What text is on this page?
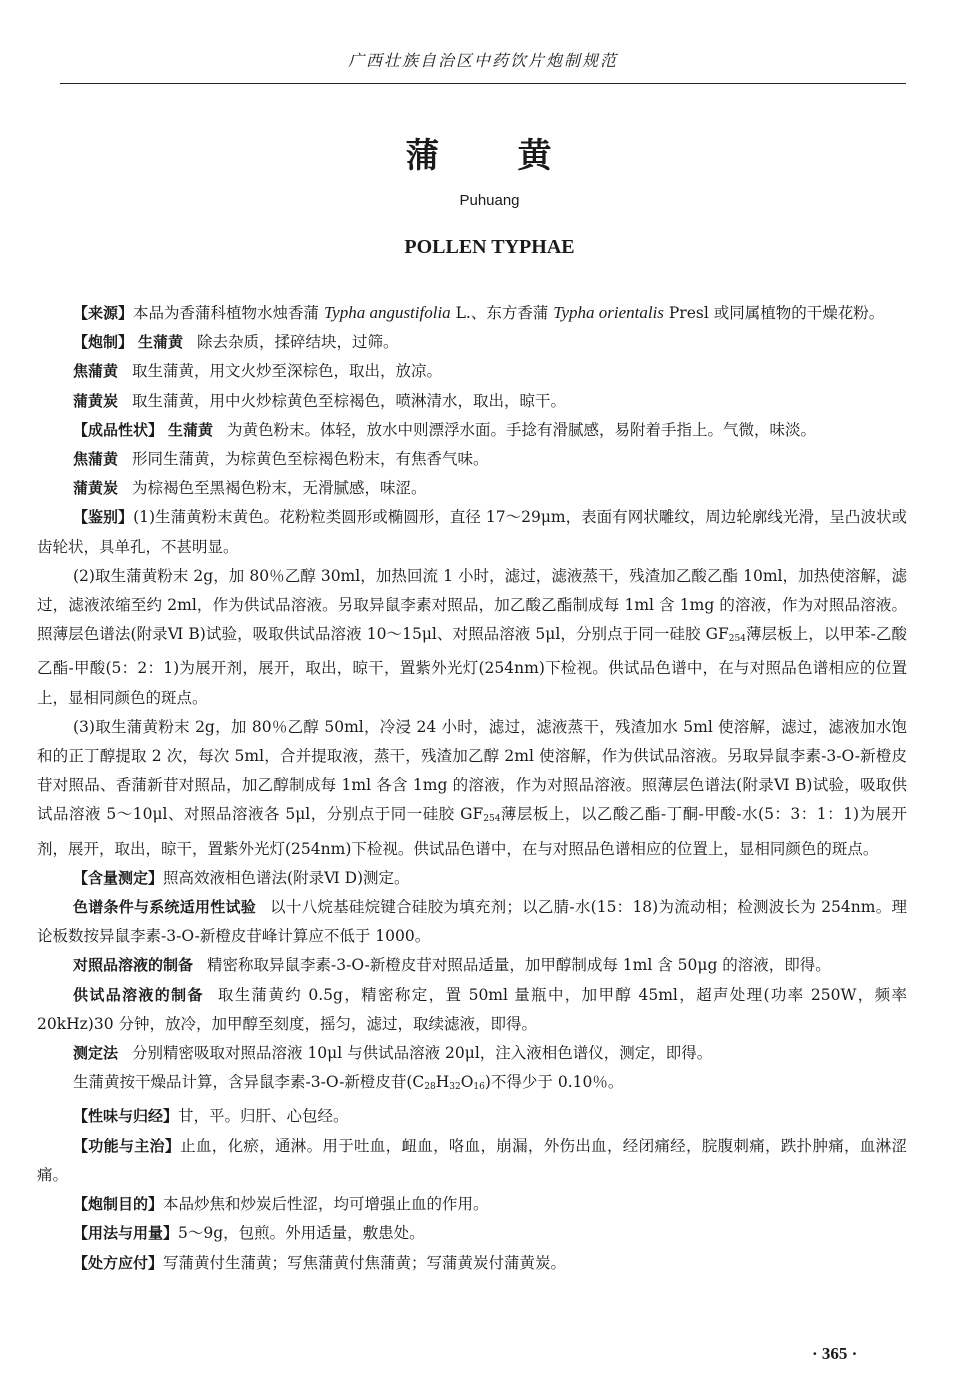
广西壮族自治区中药饮片炮制规范
蒲　黄
Puhuang
POLLEN TYPHAE

【来源】本品为香蒲科植物水烛香蒲 Typha angustifolia L.、东方香蒲 Typha orientalis Presl 或同属植物的干燥花粉。

【炮制】 生蒲黄 除去杂质，揉碎结块，过筛。

焦蒲黄 取生蒲黄，用文火炒至深棕色，取出，放凉。

蒲黄炭 取生蒲黄，用中火炒棕黄色至棕褐色，喷淋清水，取出，晾干。

【成品性状】 生蒲黄 为黄色粉末。体轻，放水中则漂浮水面。手捻有滑腻感，易附着手指上。气微，味淡。

焦蒲黄 形同生蒲黄，为棕黄色至棕褐色粉末，有焦香气味。

蒲黄炭 为棕褐色至黑褐色粉末，无滑腻感，味涩。

【鉴别】(1)生蒲黄粉末黄色。花粉粒类圆形或椭圆形，直径 17～29μm，表面有网状雕纹，周边轮廓线光滑，呈凸波状或齿轮状，具单孔，不甚明显。

(2)取生蒲黄粉末 2g，加 80％乙醇 30ml，加热回流 1 小时，滤过，滤液蒸干，残渣加乙酸乙酯 10ml，加热使溶解，滤过，滤液浓缩至约 2ml，作为供试品溶液。另取异鼠李素对照品，加乙酸乙酯制成每 1ml 含 1mg 的溶液，作为对照品溶液。照薄层色谱法(附录Ⅵ B)试验，吸取供试品溶液 10～15μl、对照品溶液 5μl，分别点于同一硅胶 $GF_{254}$薄层板上，以甲苯-乙酸乙酯-甲酸(5：2：1)为展开剂，展开，取出，晾干，置紫外光灯(254nm)下检视。供试品色谱中，在与对照品色谱相应的位置上，显相同颜色的斑点。

(3)取生蒲黄粉末 2g，加 80％乙醇 50ml，冷浸 24 小时，滤过，滤液蒸干，残渣加水 5ml 使溶解，滤过，滤液加水饱和的正丁醇提取 2 次，每次 5ml，合并提取液，蒸干，残渣加乙醇 2ml 使溶解，作为供试品溶液。另取异鼠李素-3-O-新橙皮苷对照品、香蒲新苷对照品，加乙醇制成每 1ml 各含 1mg 的溶液，作为对照品溶液。照薄层色谱法(附录Ⅵ B)试验，吸取供试品溶液 5～10μl、对照品溶液各 5μl，分别点于同一硅胶 $GF_{254}$薄层板上，以乙酸乙酯-丁酮-甲酸-水(5：3：1：1)为展开剂，展开，取出，晾干，置紫外光灯(254nm)下检视。供试品色谱中，在与对照品色谱相应的位置上，显相同颜色的斑点。

【含量测定】照高效液相色谱法(附录Ⅵ D)测定。

色谱条件与系统适用性试验 以十八烷基硅烷键合硅胶为填充剂；以乙腈-水(15：18)为流动相；检测波长为 254nm。理论板数按异鼠李素-3-O-新橙皮苷峰计算应不低于 1000。

对照品溶液的制备 精密称取异鼠李素-3-O-新橙皮苷对照品适量，加甲醇制成每 1ml 含 50μg 的溶液，即得。

供试品溶液的制备 取生蒲黄约 0.5g，精密称定，置 50ml 量瓶中，加甲醇 45ml，超声处理(功率 250W，频率 20kHz)30 分钟，放冷，加甲醇至刻度，摇匀，滤过，取续滤液，即得。

测定法 分别精密吸取对照品溶液 10μl 与供试品溶液 20μl，注入液相色谱仪，测定，即得。

生蒲黄按干燥品计算，含异鼠李素-3-O-新橙皮苷$(C_{28}H_{32}O_{16})$不得少于 0.10％。

【性味与归经】甘，平。归肝、心包经。

【功能与主治】止血，化瘀，通淋。用于吐血，衄血，咯血，崩漏，外伤出血，经闭痛经，脘腹刺痛，跌扑肿痛，血淋涩痛。

【炮制目的】本品炒焦和炒炭后性涩，均可增强止血的作用。

【用法与用量】5～9g，包煎。外用适量，敷患处。

【处方应付】写蒲黄付生蒲黄；写焦蒲黄付焦蒲黄；写蒲黄炭付蒲黄炭。

· 365 ·
